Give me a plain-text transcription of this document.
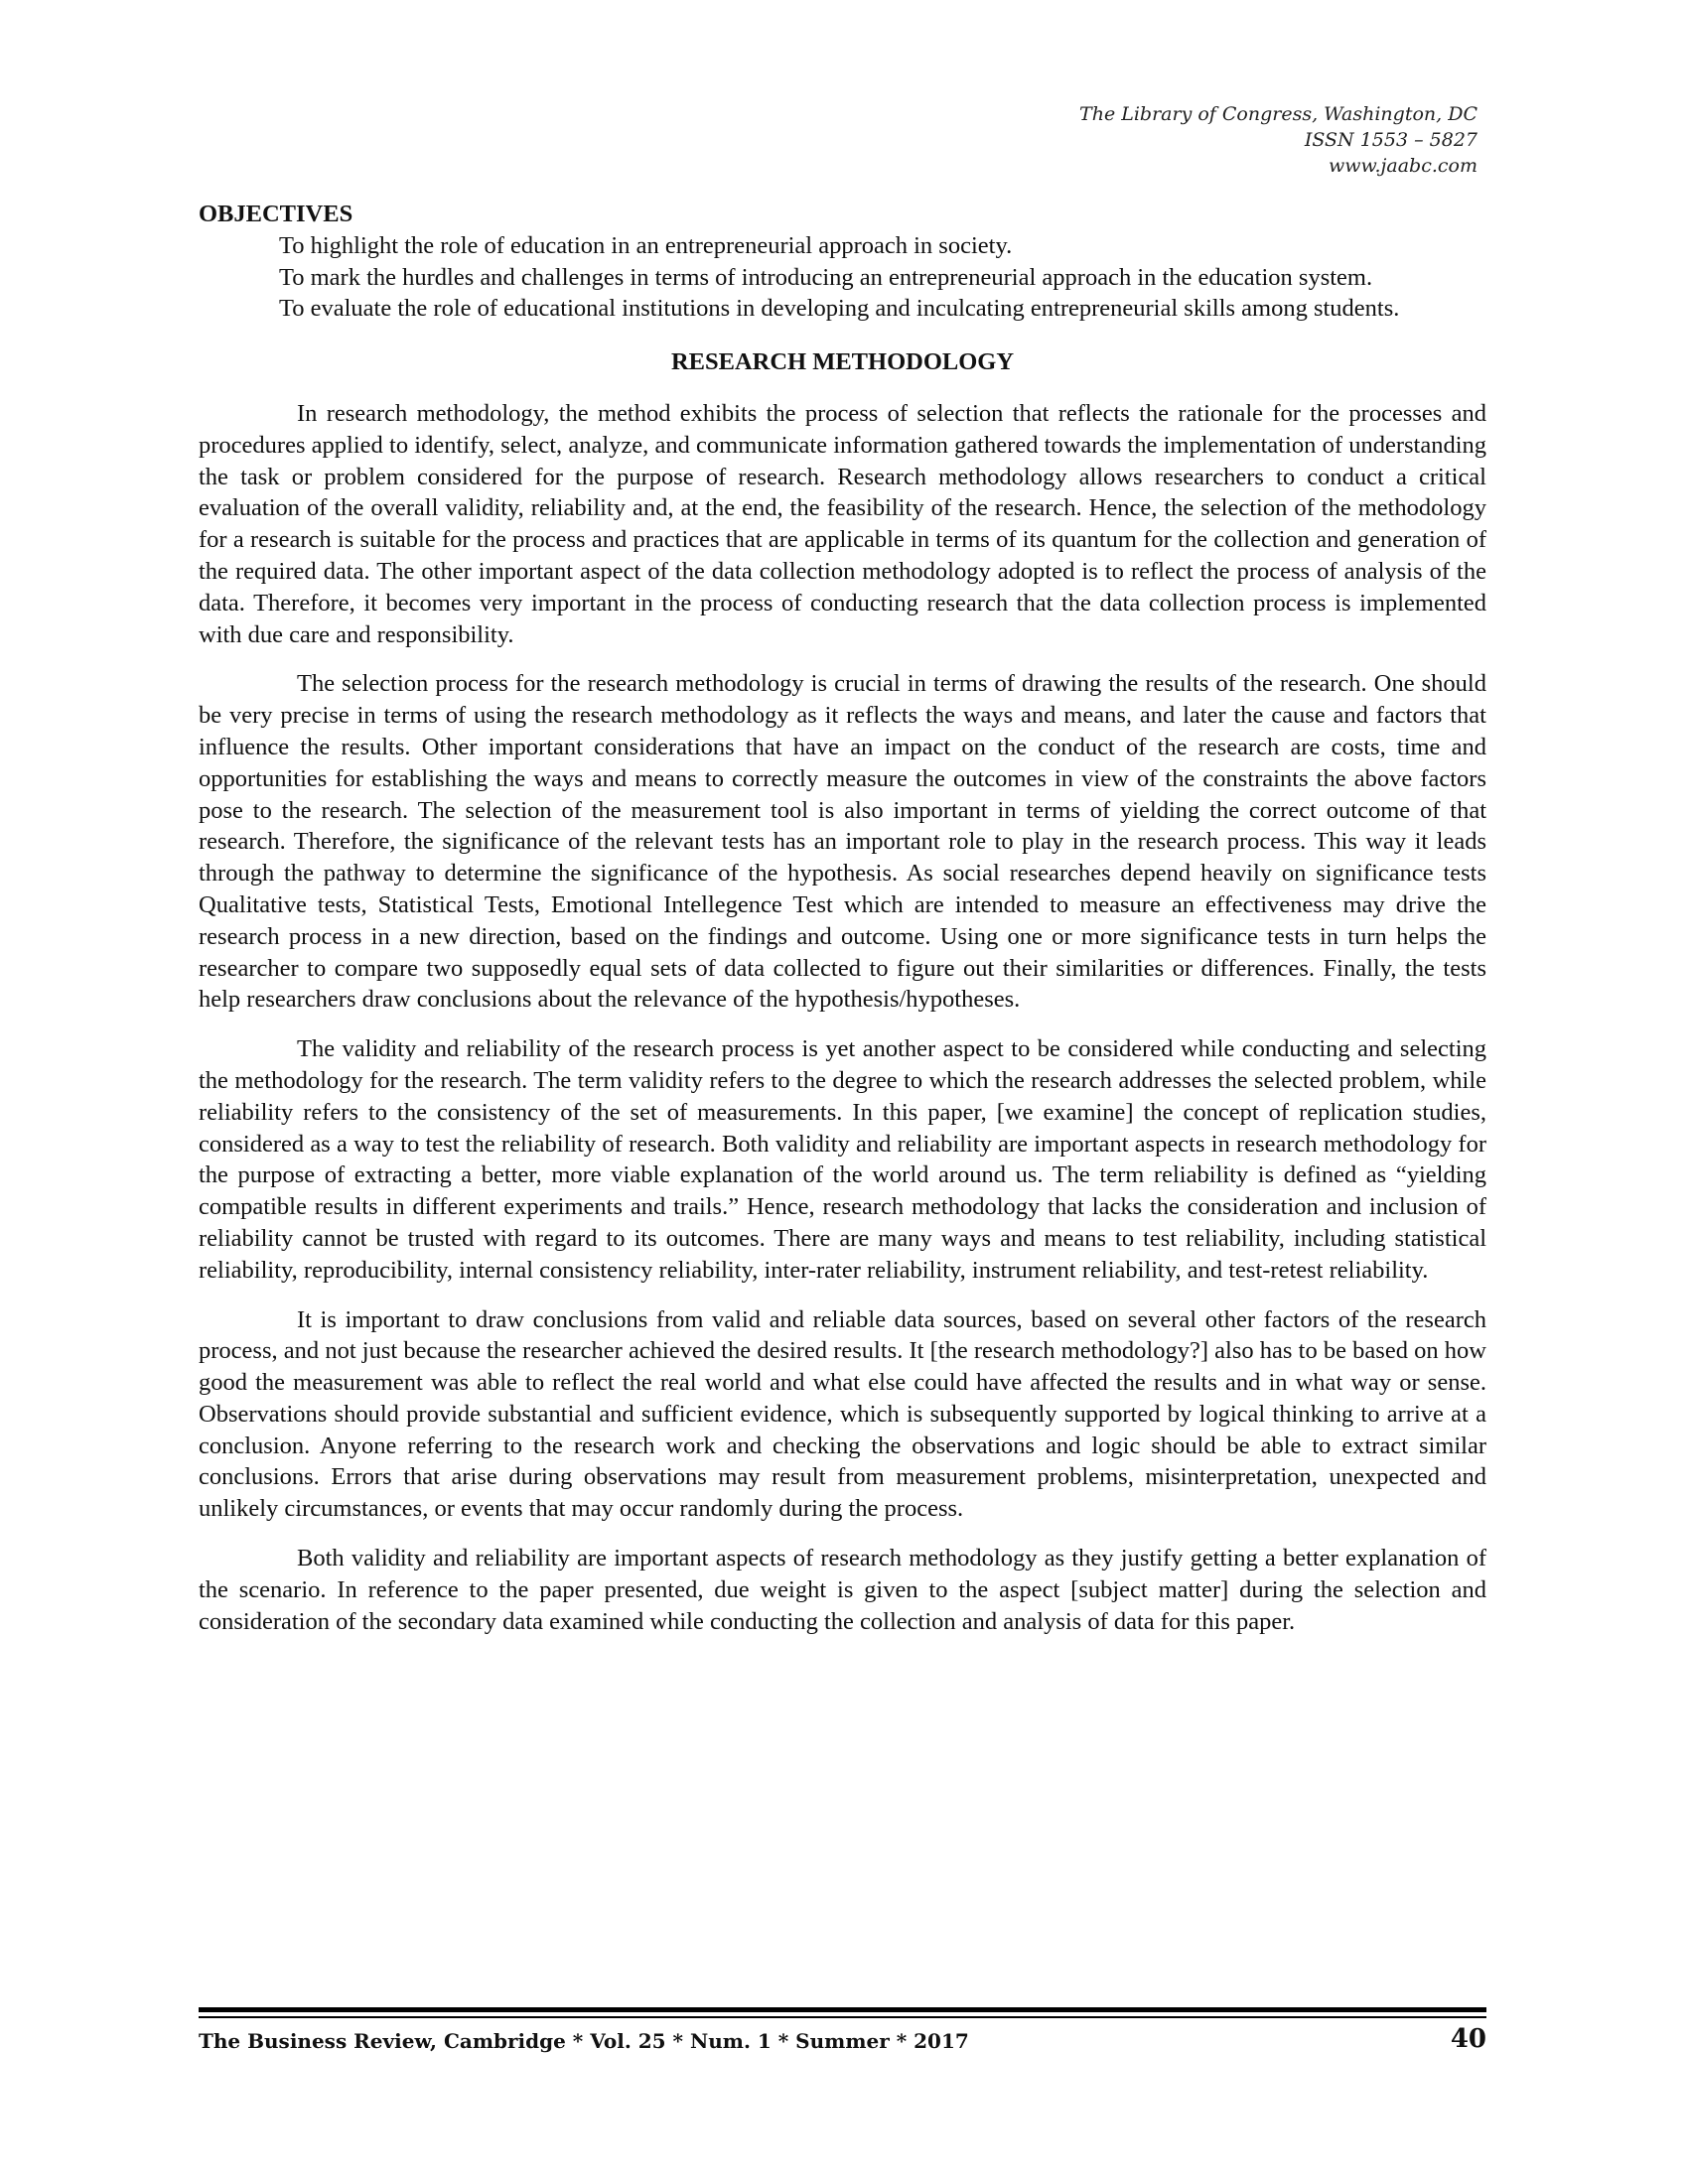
The Library of Congress, Washington, DC
ISSN 1553 – 5827
www.jaabc.com
OBJECTIVES
To highlight the role of education in an entrepreneurial approach in society.
To mark the hurdles and challenges in terms of introducing an entrepreneurial approach in the education system.
To evaluate the role of educational institutions in developing and inculcating entrepreneurial skills among students.
RESEARCH METHODOLOGY

In research methodology, the method exhibits the process of selection that reflects the rationale for the processes and procedures applied to identify, select, analyze, and communicate information gathered towards the implementation of understanding the task or problem considered for the purpose of research. Research methodology allows researchers to conduct a critical evaluation of the overall validity, reliability and, at the end, the feasibility of the research. Hence, the selection of the methodology for a research is suitable for the process and practices that are applicable in terms of its quantum for the collection and generation of the required data. The other important aspect of the data collection methodology adopted is to reflect the process of analysis of the data. Therefore, it becomes very important in the process of conducting research that the data collection process is implemented with due care and responsibility.

The selection process for the research methodology is crucial in terms of drawing the results of the research. One should be very precise in terms of using the research methodology as it reflects the ways and means, and later the cause and factors that influence the results. Other important considerations that have an impact on the conduct of the research are costs, time and opportunities for establishing the ways and means to correctly measure the outcomes in view of the constraints the above factors pose to the research. The selection of the measurement tool is also important in terms of yielding the correct outcome of that research. Therefore, the significance of the relevant tests has an important role to play in the research process. This way it leads through the pathway to determine the significance of the hypothesis. As social researches depend heavily on significance tests Qualitative tests, Statistical Tests, Emotional Intellegence Test which are intended to measure an effectiveness may drive the research process in a new direction, based on the findings and outcome. Using one or more significance tests in turn helps the researcher to compare two supposedly equal sets of data collected to figure out their similarities or differences. Finally, the tests help researchers draw conclusions about the relevance of the hypothesis/hypotheses.

The validity and reliability of the research process is yet another aspect to be considered while conducting and selecting the methodology for the research. The term validity refers to the degree to which the research addresses the selected problem, while reliability refers to the consistency of the set of measurements. In this paper, [we examine] the concept of replication studies, considered as a way to test the reliability of research. Both validity and reliability are important aspects in research methodology for the purpose of extracting a better, more viable explanation of the world around us. The term reliability is defined as “yielding compatible results in different experiments and trails.” Hence, research methodology that lacks the consideration and inclusion of reliability cannot be trusted with regard to its outcomes. There are many ways and means to test reliability, including statistical reliability, reproducibility, internal consistency reliability, inter-rater reliability, instrument reliability, and test-retest reliability.

It is important to draw conclusions from valid and reliable data sources, based on several other factors of the research process, and not just because the researcher achieved the desired results. It [the research methodology?] also has to be based on how good the measurement was able to reflect the real world and what else could have affected the results and in what way or sense. Observations should provide substantial and sufficient evidence, which is subsequently supported by logical thinking to arrive at a conclusion. Anyone referring to the research work and checking the observations and logic should be able to extract similar conclusions. Errors that arise during observations may result from measurement problems, misinterpretation, unexpected and unlikely circumstances, or events that may occur randomly during the process.

Both validity and reliability are important aspects of research methodology as they justify getting a better explanation of the scenario. In reference to the paper presented, due weight is given to the aspect [subject matter] during the selection and consideration of the secondary data examined while conducting the collection and analysis of data for this paper.

The Business Review, Cambridge * Vol. 25 * Num. 1 * Summer * 2017	40
